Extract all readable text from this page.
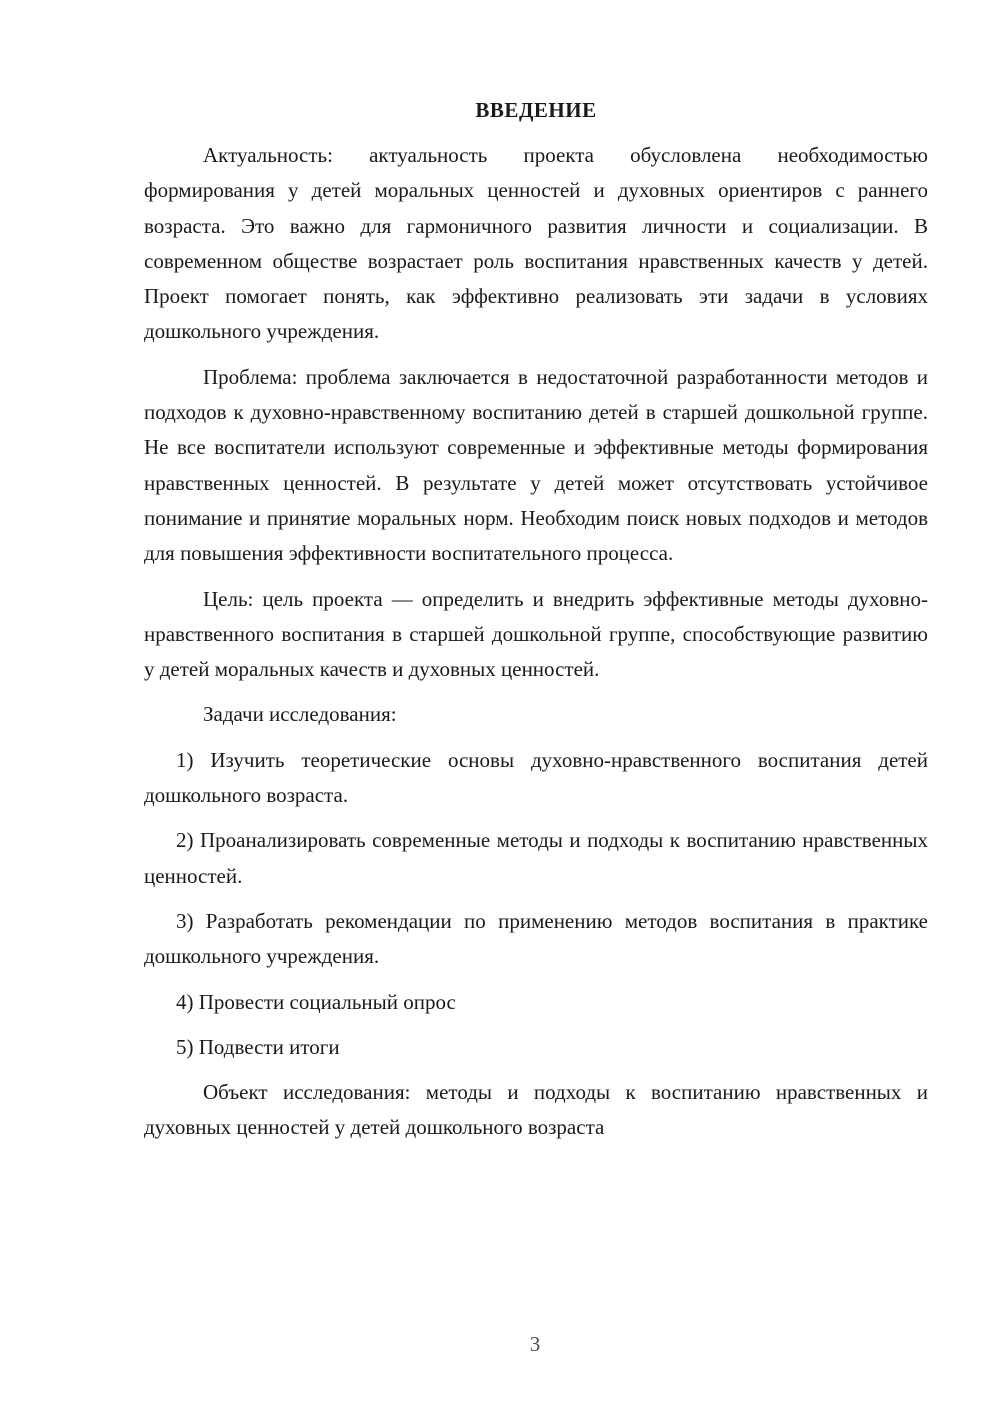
ВВЕДЕНИЕ

Актуальность: актуальность проекта обусловлена необходимостью формирования у детей моральных ценностей и духовных ориентиров с раннего возраста. Это важно для гармоничного развития личности и социализации. В современном обществе возрастает роль воспитания нравственных качеств у детей. Проект помогает понять, как эффективно реализовать эти задачи в условиях дошкольного учреждения.

Проблема: проблема заключается в недостаточной разработанности методов и подходов к духовно-нравственному воспитанию детей в старшей дошкольной группе. Не все воспитатели используют современные и эффективные методы формирования нравственных ценностей. В результате у детей может отсутствовать устойчивое понимание и принятие моральных норм. Необходим поиск новых подходов и методов для повышения эффективности воспитательного процесса.

Цель: цель проекта — определить и внедрить эффективные методы духовно-нравственного воспитания в старшей дошкольной группе, способствующие развитию у детей моральных качеств и духовных ценностей.

Задачи исследования:

1) Изучить теоретические основы духовно-нравственного воспитания детей дошкольного возраста.

2) Проанализировать современные методы и подходы к воспитанию нравственных ценностей.

3) Разработать рекомендации по применению методов воспитания в практике дошкольного учреждения.

4) Провести социальный опрос

5) Подвести итоги

Объект исследования: методы и подходы к воспитанию нравственных и духовных ценностей у детей дошкольного возраста

3
